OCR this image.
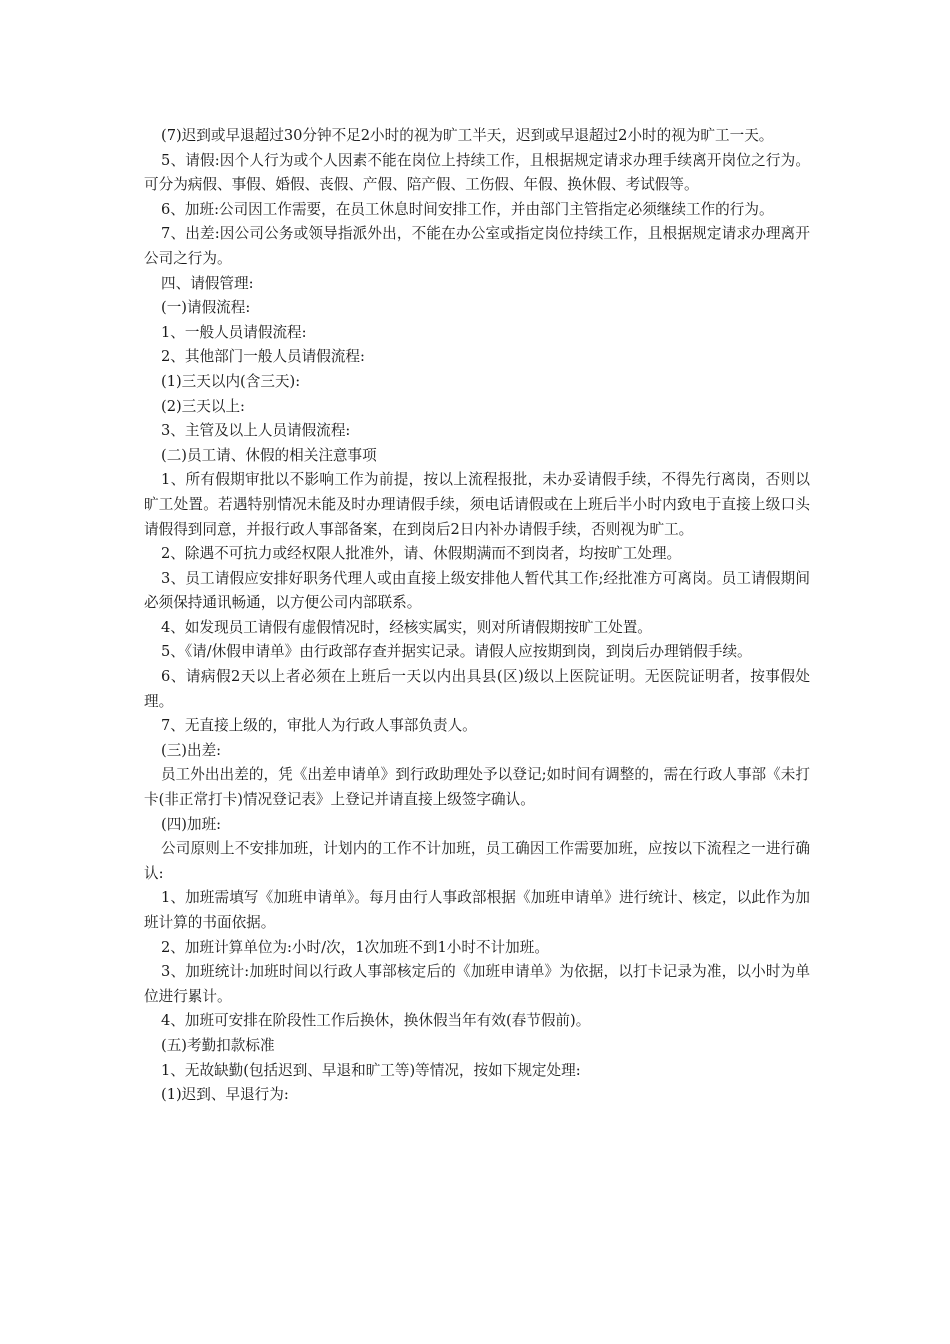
(7)迟到或早退超过30分钟不足2小时的视为旷工半天，迟到或早退超过2小时的视为旷工一天。

5、请假:因个人行为或个人因素不能在岗位上持续工作，且根据规定请求办理手续离开岗位之行为。可分为病假、事假、婚假、丧假、产假、陪产假、工伤假、年假、换休假、考试假等。

6、加班:公司因工作需要，在员工休息时间安排工作，并由部门主管指定必须继续工作的行为。

7、出差:因公司公务或领导指派外出，不能在办公室或指定岗位持续工作，且根据规定请求办理离开公司之行为。

四、请假管理:

(一)请假流程:

1、一般人员请假流程:

2、其他部门一般人员请假流程:

(1)三天以内(含三天):

(2)三天以上:

3、主管及以上人员请假流程:

(二)员工请、休假的相关注意事项

1、所有假期审批以不影响工作为前提，按以上流程报批，未办妥请假手续，不得先行离岗，否则以旷工处置。若遇特别情况未能及时办理请假手续，须电话请假或在上班后半小时内致电于直接上级口头请假得到同意，并报行政人事部备案，在到岗后2日内补办请假手续，否则视为旷工。

2、除遇不可抗力或经权限人批准外，请、休假期满而不到岗者，均按旷工处理。

3、员工请假应安排好职务代理人或由直接上级安排他人暂代其工作;经批准方可离岗。员工请假期间必须保持通讯畅通，以方便公司内部联系。

4、如发现员工请假有虚假情况时，经核实属实，则对所请假期按旷工处置。

5、《请/休假申请单》由行政部存查并据实记录。请假人应按期到岗，到岗后办理销假手续。

6、请病假2天以上者必须在上班后一天以内出具县(区)级以上医院证明。无医院证明者，按事假处理。

7、无直接上级的，审批人为行政人事部负责人。

(三)出差:

员工外出出差的，凭《出差申请单》到行政助理处予以登记;如时间有调整的，需在行政人事部《未打卡(非正常打卡)情况登记表》上登记并请直接上级签字确认。

(四)加班:

公司原则上不安排加班，计划内的工作不计加班，员工确因工作需要加班，应按以下流程之一进行确认:

1、加班需填写《加班申请单》。每月由行人事政部根据《加班申请单》进行统计、核定，以此作为加班计算的书面依据。

2、加班计算单位为:小时/次，1次加班不到1小时不计加班。

3、加班统计:加班时间以行政人事部核定后的《加班申请单》为依据，以打卡记录为准，以小时为单位进行累计。

4、加班可安排在阶段性工作后换休，换休假当年有效(春节假前)。

(五)考勤扣款标准

1、无故缺勤(包括迟到、早退和旷工等)等情况，按如下规定处理:

(1)迟到、早退行为:
